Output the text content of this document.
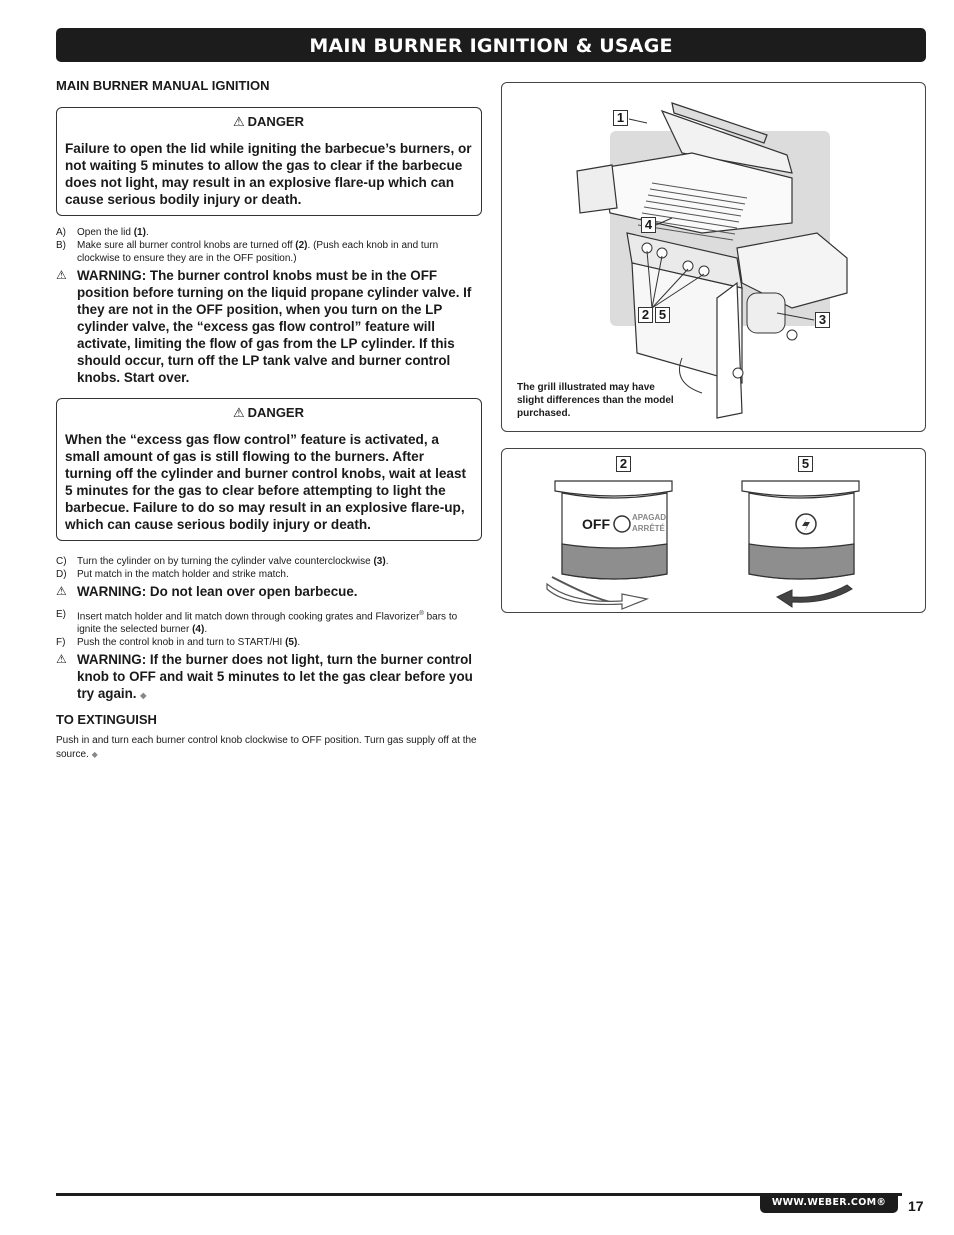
MAIN BURNER IGNITION & USAGE
MAIN BURNER MANUAL IGNITION
⚠ DANGER
Failure to open the lid while igniting the barbecue’s burners, or not waiting 5 minutes to allow the gas to clear if the barbecue does not light, may result in an explosive flare-up which can cause serious bodily injury or death.
A)	Open the lid (1).
B)	Make sure all burner control knobs are turned off (2). (Push each knob in and turn clockwise to ensure they are in the OFF position.)
⚠ WARNING: The burner control knobs must be in the OFF position before turning on the liquid propane cylinder valve. If they are not in the OFF position, when you turn on the LP cylinder valve, the “excess gas flow control” feature will activate, limiting the flow of gas from the LP cylinder. If this should occur, turn off the LP tank valve and burner control knobs. Start over.
⚠ DANGER
When the “excess gas flow control” feature is activated, a small amount of gas is still flowing to the burners. After turning off the cylinder and burner control knobs, wait at least 5 minutes for the gas to clear before attempting to light the barbecue. Failure to do so may result in an explosive flare-up, which can cause serious bodily injury or death.
C)	Turn the cylinder on by turning the cylinder valve counterclockwise (3).
D)	Put match in the match holder and strike match.
⚠ WARNING: Do not lean over open barbecue.
E)	Insert match holder and lit match down through cooking grates and Flavorizer® bars to ignite the selected burner (4).
F)	Push the control knob in and turn to START/HI (5).
⚠ WARNING: If the burner does not light, turn the burner control knob to OFF and wait 5 minutes to let the gas clear before you try again. ◆
TO EXTINGUISH
Push in and turn each burner control knob clockwise to OFF position. Turn gas supply off at the source. ◆
1
4
2 5	3
The grill illustrated may have slight differences than the model purchased.
APAGAD
ARRÊTÉ
2	5
OFF
WWW.WEBER.COM®	17
